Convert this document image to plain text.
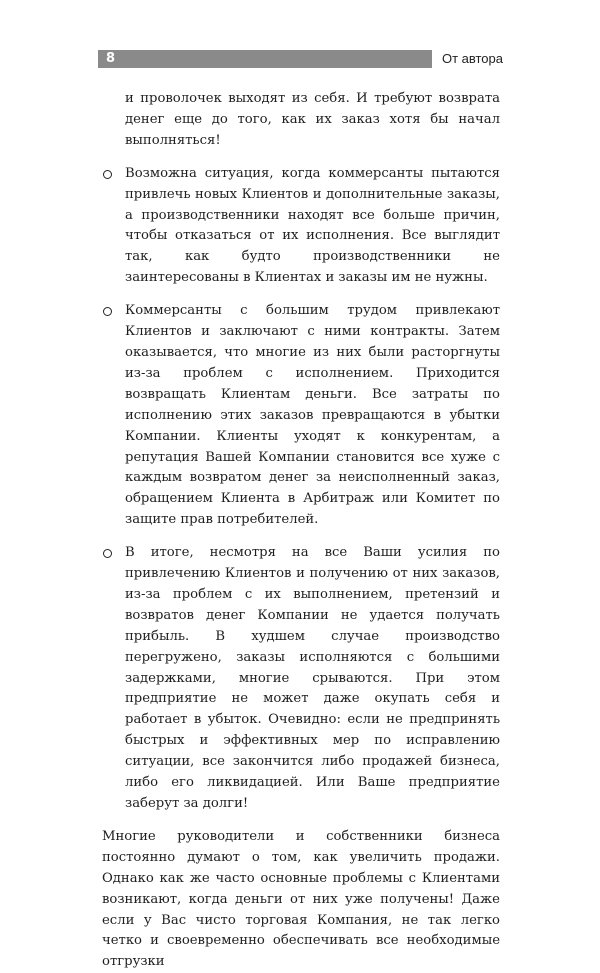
8	От автора

и проволочек выходят из себя. И требуют возврата денег еще до того, как их заказ хотя бы начал выполняться!

Возможна ситуация, когда коммерсанты пытаются привлечь новых Клиентов и дополнительные заказы, а производственники находят все больше причин, чтобы отказаться от их исполнения. Все выглядит так, как будто производственники не заинтересованы в Клиентах и заказы им не нужны.

Коммерсанты с большим трудом привлекают Клиентов и заключают с ними контракты. Затем оказывается, что многие из них были расторгнуты из-за проблем с исполнением. Приходится возвращать Клиентам деньги. Все затраты по исполнению этих заказов превращаются в убытки Компании. Клиенты уходят к конкурентам, а репутация Вашей Компании становится все хуже с каждым возвратом денег за неисполненный заказ, обращением Клиента в Арбитраж или Комитет по защите прав потребителей.

В итоге, несмотря на все Ваши усилия по привлечению Клиентов и получению от них заказов, из-за проблем с их выполнением, претензий и возвратов денег Компании не удается получать прибыль. В худшем случае производство перегружено, заказы исполняются с большими задержками, многие срываются. При этом предприятие не может даже окупать себя и работает в убыток. Очевидно: если не предпринять быстрых и эффективных мер по исправлению ситуации, все закончится либо продажей бизнеса, либо его ликвидацией. Или Ваше предприятие заберут за долги!

Многие руководители и собственники бизнеса постоянно думают о том, как увеличить продажи. Однако как же часто основные проблемы с Клиентами возникают, когда деньги от них уже получены! Даже если у Вас чисто торговая Компания, не так легко четко и своевременно обеспечивать все необходимые отгрузки
